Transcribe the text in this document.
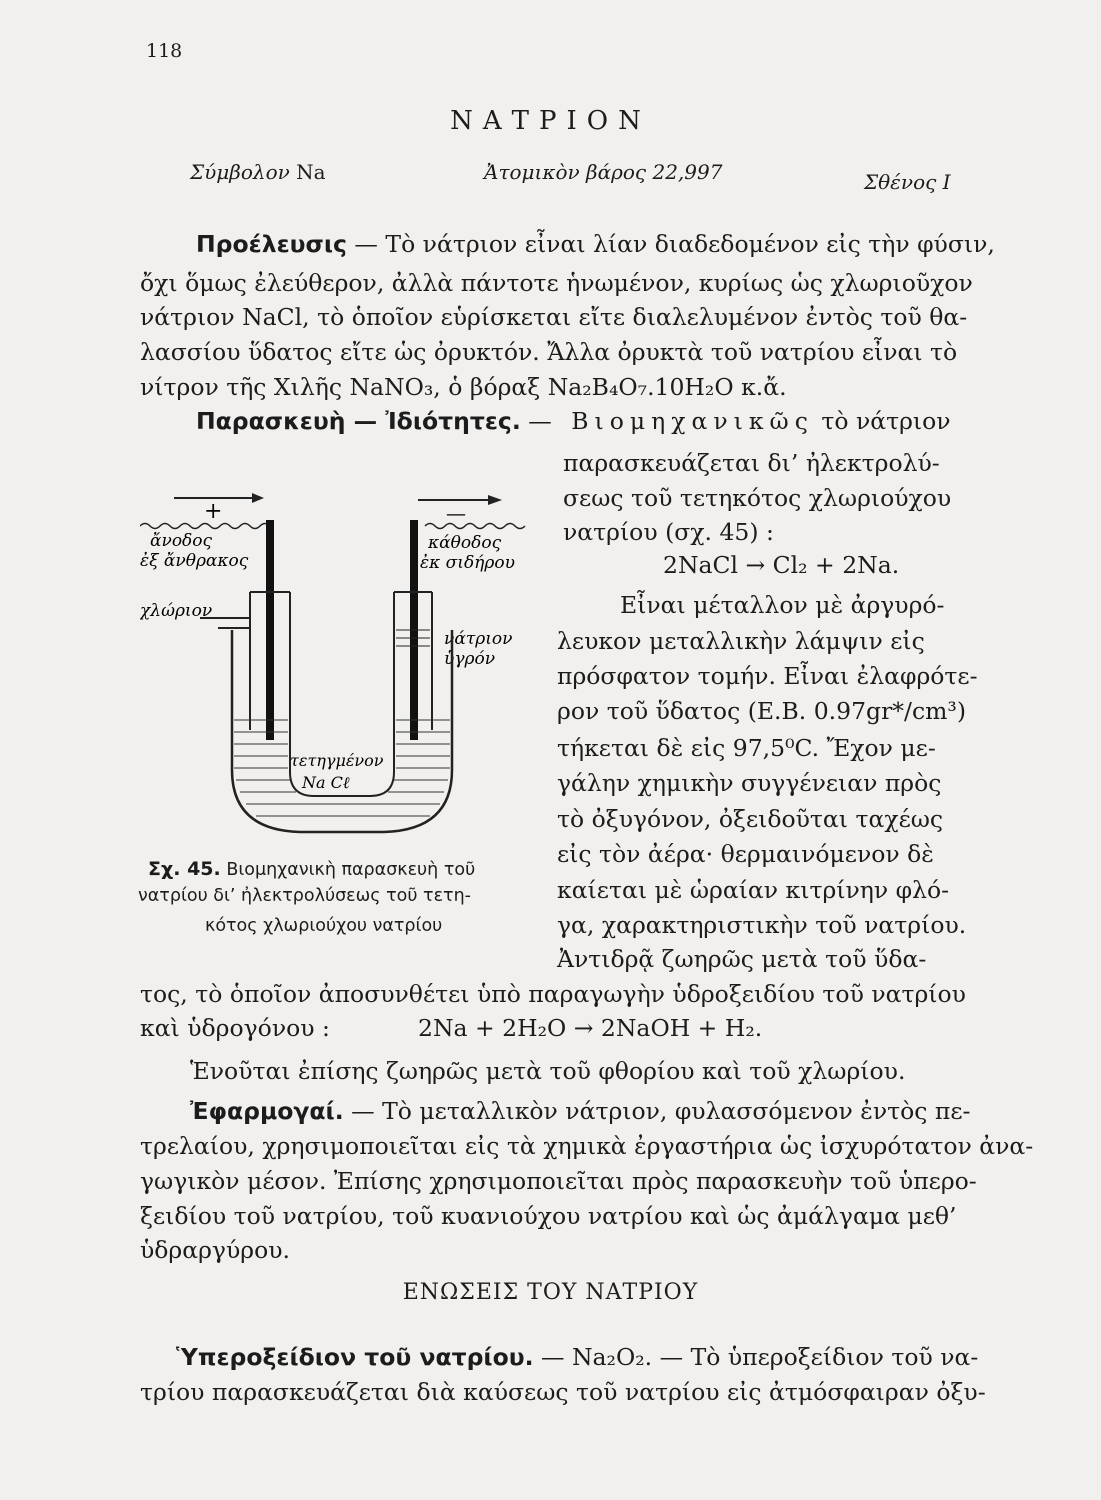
118
ΝΑΤΡΙΟΝ
Σύμβολον Na	Ἀτομικὸν βάρος 22,997	Σθένος Ι
Προέλευσις — Τὸ νάτριον εἶναι λίαν διαδεδομένον εἰς τὴν φύσιν,
ὄχι ὅμως ἐλεύθερον, ἀλλὰ πάντοτε ἡνωμένον, κυρίως ὡς χλωριοῦχον
νάτριον NaCl, τὸ ὁποῖον εὑρίσκεται εἴτε διαλελυμένον ἐντὸς τοῦ θα-
λασσίου ὕδατος εἴτε ὡς ὀρυκτόν. Ἄλλα ὀρυκτὰ τοῦ νατρίου εἶναι τὸ
νίτρον τῆς Χιλῆς NaNO₃, ὁ βόραξ Na₂B₄O₇.10H₂O κ.ἄ.
Παρασκευὴ — Ἰδιότητες. — Βιομηχανικῶς τὸ νάτριον
παρασκευάζεται δι’ ἠλεκτρολύ-
σεως τοῦ τετηκότος χλωριούχου
νατρίου (σχ. 45) :
2NaCl → Cl₂ + 2Na.
Εἶναι μέταλλον μὲ ἀργυρό-
λευκον μεταλλικὴν λάμψιν εἰς
πρόσφατον τομήν. Εἶναι ἐλαφρότε-
ρον τοῦ ὕδατος (Ε.Β. 0.97gr*/cm³)
τήκεται δὲ εἰς 97,5⁰C. Ἔχον με-
γάλην χημικὴν συγγένειαν πρὸς
τὸ ὀξυγόνον, ὀξειδοῦται ταχέως
εἰς τὸν ἀέρα· θερμαινόμενον δὲ
καίεται μὲ ὡραίαν κιτρίνην φλό-
γα, χαρακτηριστικὴν τοῦ νατρίου.
Ἀντιδρᾷ ζωηρῶς μετὰ τοῦ ὕδα-
τος, τὸ ὁποῖον ἀποσυνθέτει ὑπὸ παραγωγὴν ὑδροξειδίου τοῦ νατρίου
καὶ ὑδρογόνου :	2Na + 2H₂O → 2NaOH + H₂.
Ἑνοῦται ἐπίσης ζωηρῶς μετὰ τοῦ φθορίου καὶ τοῦ χλωρίου.
+	—
ἄνοδος
ἐξ ἄνθρακος
κάθοδος
ἐκ σιδήρου
χλώριον
νάτριον
ὑγρόν
τετηγμένον
Na Cℓ
Σχ. 45. Βιομηχανικὴ παρασκευὴ τοῦ
νατρίου δι’ ἠλεκτρολύσεως τοῦ τετη-
κότος χλωριούχου νατρίου
Ἐφαρμογαί. — Τὸ μεταλλικὸν νάτριον, φυλασσόμενον ἐντὸς πε-
τρελαίου, χρησιμοποιεῖται εἰς τὰ χημικὰ ἐργαστήρια ὡς ἰσχυρότατον ἀνα-
γωγικὸν μέσον. Ἐπίσης χρησιμοποιεῖται πρὸς παρασκευὴν τοῦ ὑπερο-
ξειδίου τοῦ νατρίου, τοῦ κυανιούχου νατρίου καὶ ὡς ἀμάλγαμα μεθ’
ὑδραργύρου.
ΕΝΩΣΕΙΣ ΤΟΥ ΝΑΤΡΙΟΥ
Ὑπεροξείδιον τοῦ νατρίου. — Na₂O₂. — Τὸ ὑπεροξείδιον τοῦ να-
τρίου παρασκευάζεται διὰ καύσεως τοῦ νατρίου εἰς ἀτμόσφαιραν ὀξυ-
